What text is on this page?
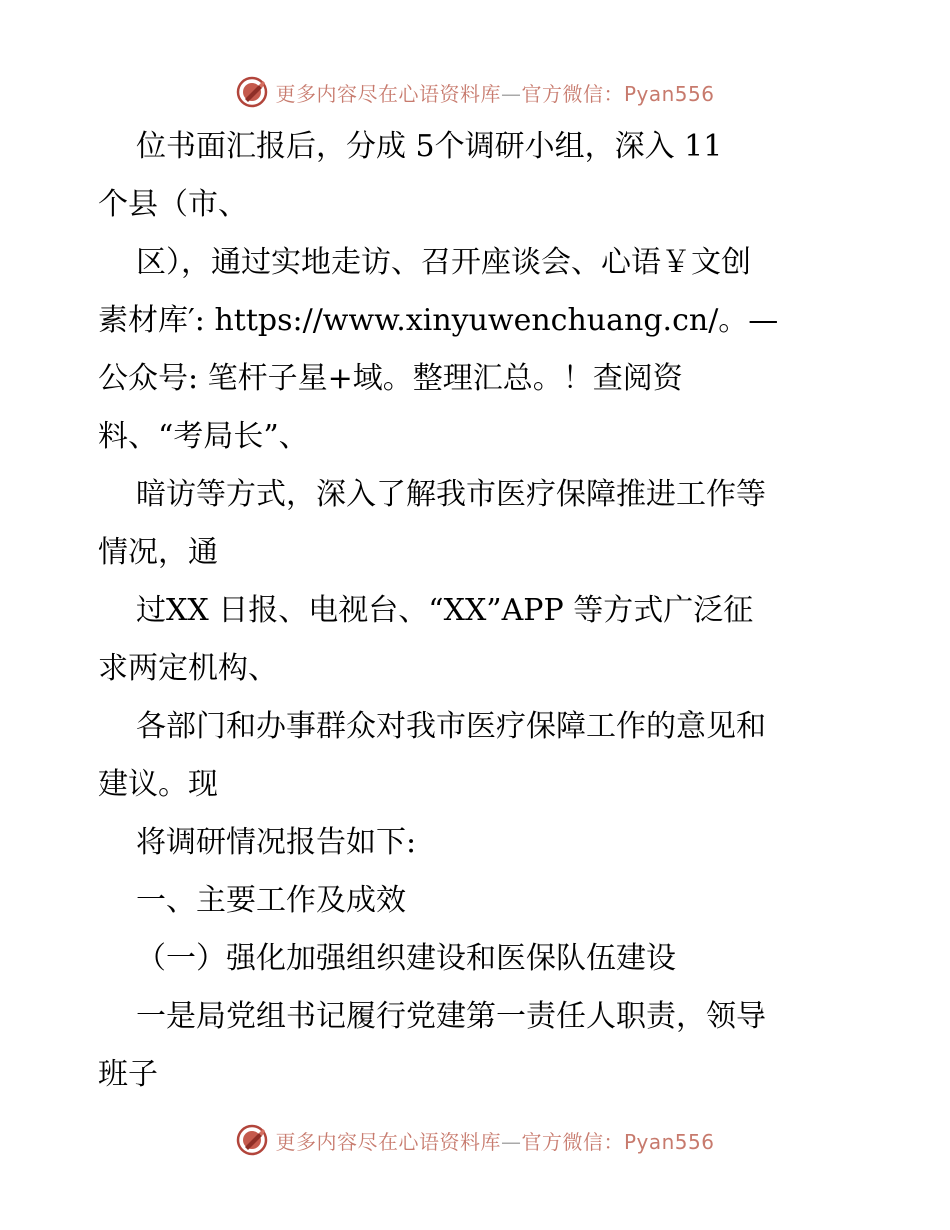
更多内容尽在心语资料库—官方微信：Pyan556
位书面汇报后，分成 5个调研小组，深入 11
个县（市、
区），通过实地走访、召开座谈会、心语￥文创
素材库′: https://www.xinyuwenchuang.cn/。—
公众号: 笔杆子星+域。整理汇总。！查阅资
料、“考局长”、
暗访等方式，深入了解我市医疗保障推进工作等
情况，通
过XX 日报、电视台、“XX”APP 等方式广泛征
求两定机构、
各部门和办事群众对我市医疗保障工作的意见和
建议。现
将调研情况报告如下:
一、主要工作及成效
（一）强化加强组织建设和医保队伍建设
一是局党组书记履行党建第一责任人职责，领导
班子
更多内容尽在心语资料库—官方微信：Pyan556
